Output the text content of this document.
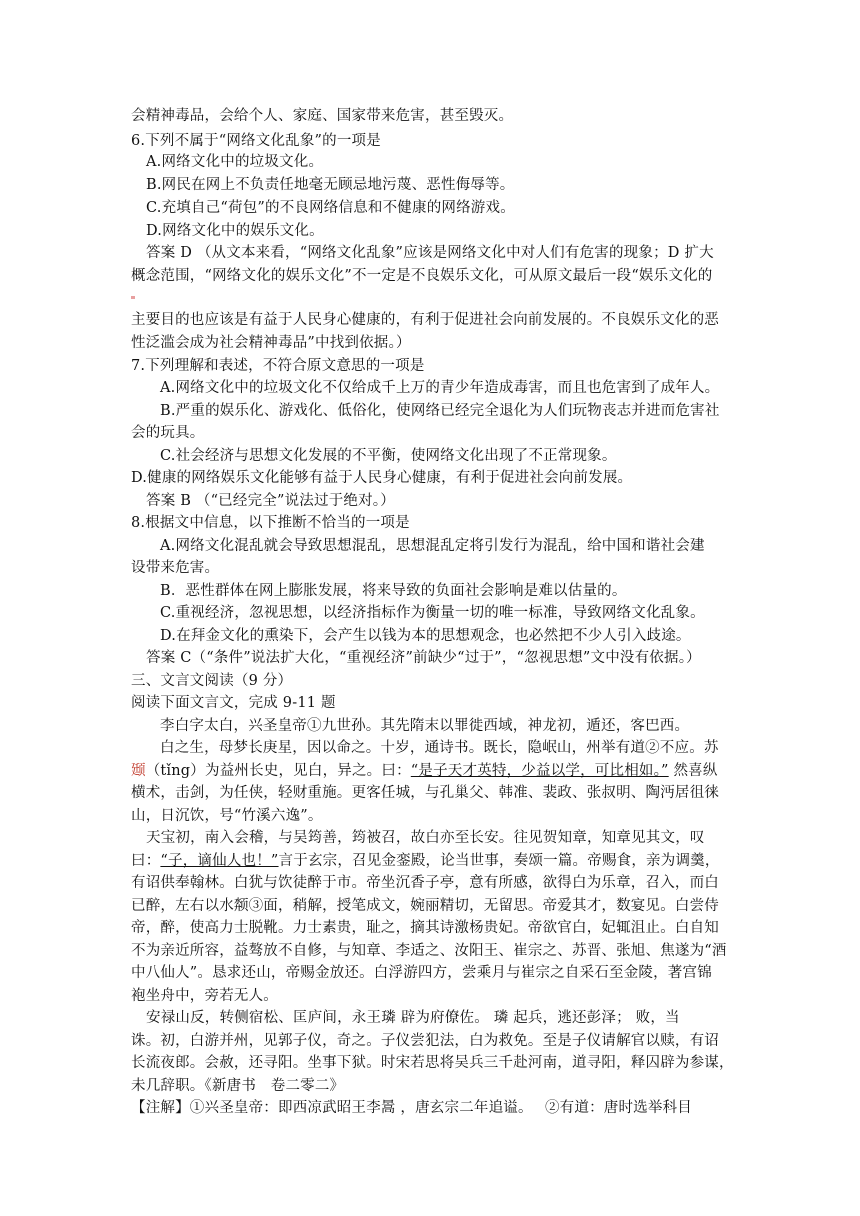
会精神毒品，会给个人、家庭、国家带来危害，甚至毁灭。
6.下列不属于“网络文化乱象”的一项是
A.网络文化中的垃圾文化。
B.网民在网上不负责任地毫无顾忌地污蔑、恶性侮辱等。
C.充填自己“荷包”的不良网络信息和不健康的网络游戏。
D.网络文化中的娱乐文化。
答案 D （从文本来看，“网络文化乱象”应该是网络文化中对人们有危害的现象；D 扩大
概念范围，“网络文化的娱乐文化”不一定是不良娱乐文化，可从原文最后一段“娱乐文化的
主要目的也应该是有益于人民身心健康的，有利于促进社会向前发展的。不良娱乐文化的恶
性泛滥会成为社会精神毒品”中找到依据。）
7.下列理解和表述，不符合原文意思的一项是
A.网络文化中的垃圾文化不仅给成千上万的青少年造成毒害，而且也危害到了成年人。
B.严重的娱乐化、游戏化、低俗化，使网络已经完全退化为人们玩物丧志并进而危害社
会的玩具。
C.社会经济与思想文化发展的不平衡，使网络文化出现了不正常现象。
D.健康的网络娱乐文化能够有益于人民身心健康，有利于促进社会向前发展。
答案 B （“已经完全”说法过于绝对。）
8.根据文中信息，以下推断不恰当的一项是
A.网络文化混乱就会导致思想混乱，思想混乱定将引发行为混乱，给中国和谐社会建
设带来危害。
B．恶性群体在网上膨胀发展，将来导致的负面社会影响是难以估量的。
C.重视经济，忽视思想，以经济指标作为衡量一切的唯一标准，导致网络文化乱象。
D.在拜金文化的熏染下，会产生以钱为本的思想观念，也必然把不少人引入歧途。
答案 C（“条件”说法扩大化，“重视经济”前缺少“过于”，“忽视思想”文中没有依据。）
三、文言文阅读（9 分）
阅读下面文言文，完成 9-11 题
李白字太白，兴圣皇帝①九世孙。其先隋末以罪徙西域，神龙初，遁还，客巴西。
白之生，母梦长庚星，因以命之。十岁，通诗书。既长，隐岷山，州举有道②不应。苏
颋（tǐng）为益州长史，见白，异之。曰：“是子天才英特，少益以学，可比相如。” 然喜纵
横术，击剑，为任侠，轻财重施。更客任城，与孔巢父、韩准、裴政、张叔明、陶沔居徂徕
山，日沉饮，号“竹溪六逸”。
天宝初，南入会稽，与吴筠善，筠被召，故白亦至长安。往见贺知章，知章见其文，叹
曰：“子，谪仙人也！”言于玄宗，召见金銮殿，论当世事，奏颂一篇。帝赐食，亲为调羹，
有诏供奉翰林。白犹与饮徒醉于市。帝坐沉香子亭，意有所感，欲得白为乐章，召入，而白
已醉，左右以水颒③面，稍解，授笔成文，婉丽精切，无留思。帝爱其才，数宴见。白尝侍
帝，醉，使高力士脱靴。力士素贵，耻之，摘其诗激杨贵妃。帝欲官白，妃辄沮止。白自知
不为亲近所容，益骜放不自修，与知章、李适之、汝阳王、崔宗之、苏晋、张旭、焦遂为“酒
中八仙人”。恳求还山，帝赐金放还。白浮游四方，尝乘月与崔宗之自采石至金陵，著宫锦
袍坐舟中，旁若无人。
安禄山反，转侧宿松、匡庐间，永王璘 辟为府僚佐。 璘 起兵，逃还彭泽； 败，当
诛。初，白游并州，见郭子仪，奇之。子仪尝犯法，白为救免。至是子仪请解官以赎，有诏
长流夜郎。会赦，还寻阳。坐事下狱。时宋若思将吴兵三千赴河南，道寻阳，释囚辟为参谋，
未几辞职。《新唐书　卷二零二》
【注解】①兴圣皇帝：即西凉武昭王李暠 ，唐玄宗二年追谥。　 ②有道：唐时选举科目
